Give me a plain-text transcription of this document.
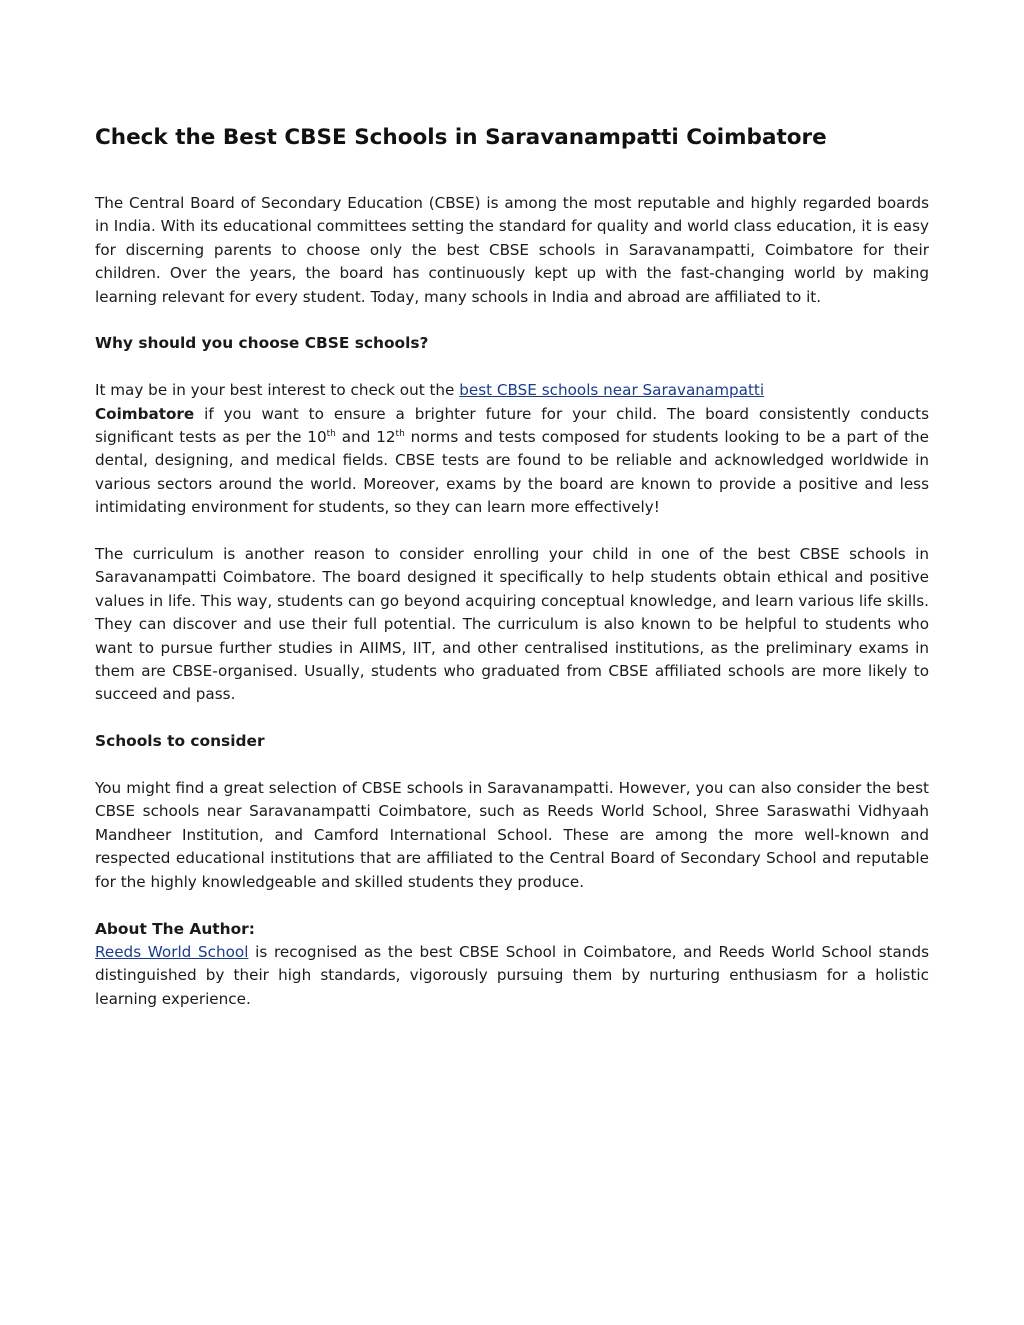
Check the Best CBSE Schools in Saravanampatti Coimbatore

The Central Board of Secondary Education (CBSE) is among the most reputable and highly regarded boards in India. With its educational committees setting the standard for quality and world class education, it is easy for discerning parents to choose only the best CBSE schools in Saravanampatti, Coimbatore for their children. Over the years, the board has continuously kept up with the fast-changing world by making learning relevant for every student. Today, many schools in India and abroad are affiliated to it.

Why should you choose CBSE schools?

It may be in your best interest to check out the best CBSE schools near Saravanampatti
Coimbatore if you want to ensure a brighter future for your child. The board consistently conducts significant tests as per the 10th and 12th norms and tests composed for students looking to be a part of the dental, designing, and medical fields. CBSE tests are found to be reliable and acknowledged worldwide in various sectors around the world. Moreover, exams by the board are known to provide a positive and less intimidating environment for students, so they can learn more effectively!

The curriculum is another reason to consider enrolling your child in one of the best CBSE schools in Saravanampatti Coimbatore. The board designed it specifically to help students obtain ethical and positive values in life. This way, students can go beyond acquiring conceptual knowledge, and learn various life skills. They can discover and use their full potential. The curriculum is also known to be helpful to students who want to pursue further studies in AIIMS, IIT, and other centralised institutions, as the preliminary exams in them are CBSE-organised. Usually, students who graduated from CBSE affiliated schools are more likely to succeed and pass.

Schools to consider

You might find a great selection of CBSE schools in Saravanampatti. However, you can also consider the best CBSE schools near Saravanampatti Coimbatore, such as Reeds World School, Shree Saraswathi Vidhyaah Mandheer Institution, and Camford International School. These are among the more well-known and respected educational institutions that are affiliated to the Central Board of Secondary School and reputable for the highly knowledgeable and skilled students they produce.

About The Author:

Reeds World School is recognised as the best CBSE School in Coimbatore, and Reeds World School stands distinguished by their high standards, vigorously pursuing them by nurturing enthusiasm for a holistic learning experience.
